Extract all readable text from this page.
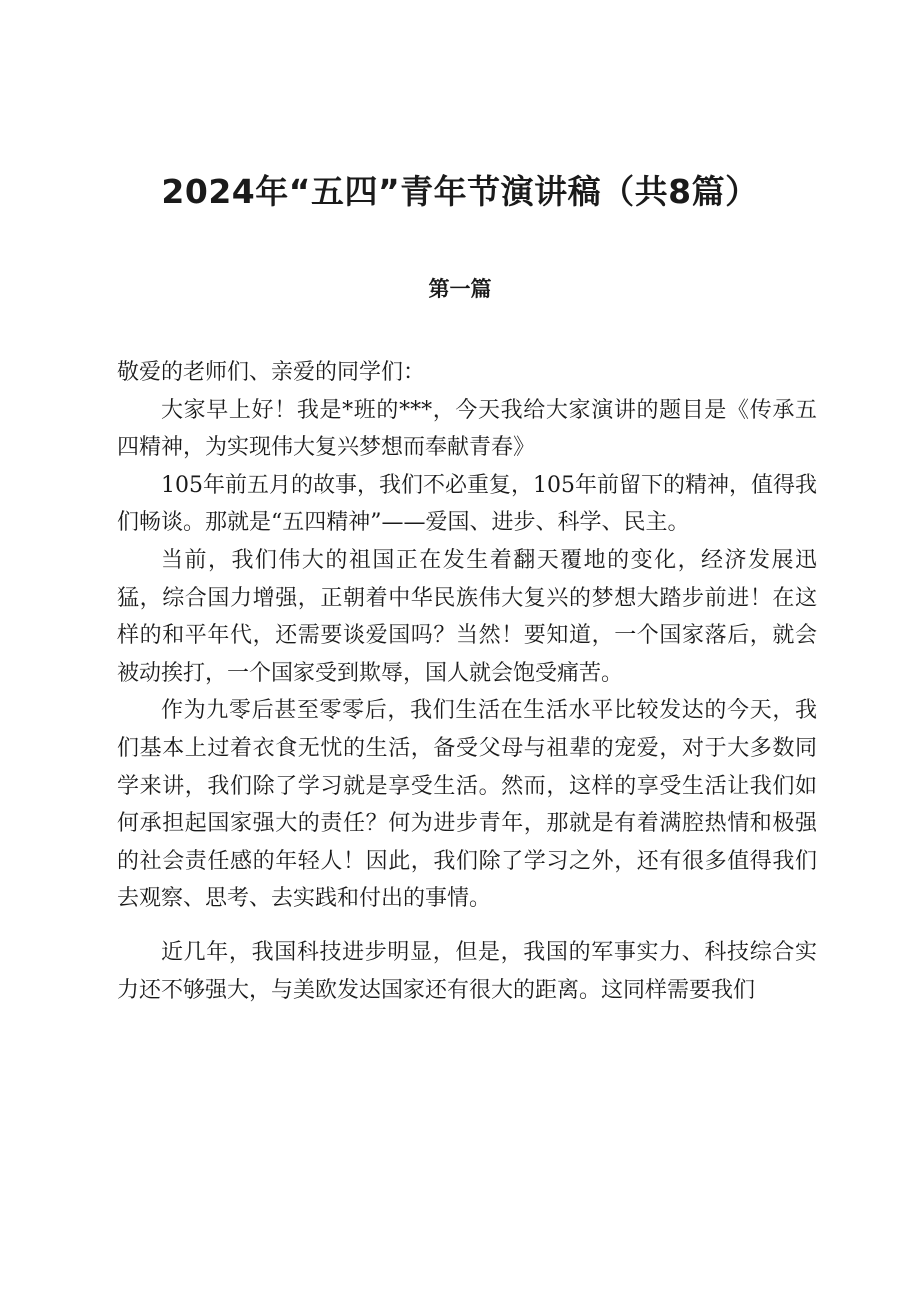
2024年“五四”青年节演讲稿（共8篇）
第一篇

敬爱的老师们、亲爱的同学们：

大家早上好！我是*班的***，今天我给大家演讲的题目是《传承五四精神，为实现伟大复兴梦想而奉献青春》

105年前五月的故事，我们不必重复，105年前留下的精神，值得我们畅谈。那就是“五四精神”——爱国、进步、科学、民主。

当前，我们伟大的祖国正在发生着翻天覆地的变化，经济发展迅猛，综合国力增强，正朝着中华民族伟大复兴的梦想大踏步前进！在这样的和平年代，还需要谈爱国吗？当然！要知道，一个国家落后，就会被动挨打，一个国家受到欺辱，国人就会饱受痛苦。

作为九零后甚至零零后，我们生活在生活水平比较发达的今天，我们基本上过着衣食无忧的生活，备受父母与祖辈的宠爱，对于大多数同学来讲，我们除了学习就是享受生活。然而，这样的享受生活让我们如何承担起国家强大的责任？何为进步青年，那就是有着满腔热情和极强的社会责任感的年轻人！因此，我们除了学习之外，还有很多值得我们去观察、思考、去实践和付出的事情。

近几年，我国科技进步明显，但是，我国的军事实力、科技综合实力还不够强大，与美欧发达国家还有很大的距离。这同样需要我们
